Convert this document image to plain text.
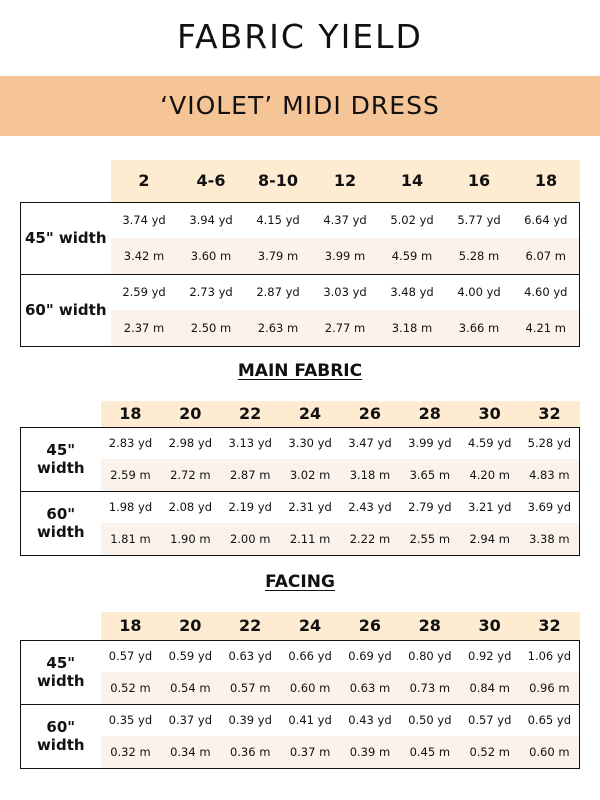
FABRIC YIELD
‘VIOLET’ MIDI DRESS
	2	4-6	8-10	12	14	16	18
45" width	3.74 yd	3.94 yd	4.15 yd	4.37 yd	5.02 yd	5.77 yd	6.64 yd
	3.42 m	3.60 m	3.79 m	3.99 m	4.59 m	5.28 m	6.07 m
60" width	2.59 yd	2.73 yd	2.87 yd	3.03 yd	3.48 yd	4.00 yd	4.60 yd
	2.37 m	2.50 m	2.63 m	2.77 m	3.18 m	3.66 m	4.21 m
MAIN FABRIC
	18	20	22	24	26	28	30	32
45" width	2.83 yd	2.98 yd	3.13 yd	3.30 yd	3.47 yd	3.99 yd	4.59 yd	5.28 yd
	2.59 m	2.72 m	2.87 m	3.02 m	3.18 m	3.65 m	4.20 m	4.83 m
60" width	1.98 yd	2.08 yd	2.19 yd	2.31 yd	2.43 yd	2.79 yd	3.21 yd	3.69 yd
	1.81 m	1.90 m	2.00 m	2.11 m	2.22 m	2.55 m	2.94 m	3.38 m
FACING
	18	20	22	24	26	28	30	32
45" width	0.57 yd	0.59 yd	0.63 yd	0.66 yd	0.69 yd	0.80 yd	0.92 yd	1.06 yd
	0.52 m	0.54 m	0.57 m	0.60 m	0.63 m	0.73 m	0.84 m	0.96 m
60" width	0.35 yd	0.37 yd	0.39 yd	0.41 yd	0.43 yd	0.50 yd	0.57 yd	0.65 yd
	0.32 m	0.34 m	0.36 m	0.37 m	0.39 m	0.45 m	0.52 m	0.60 m
